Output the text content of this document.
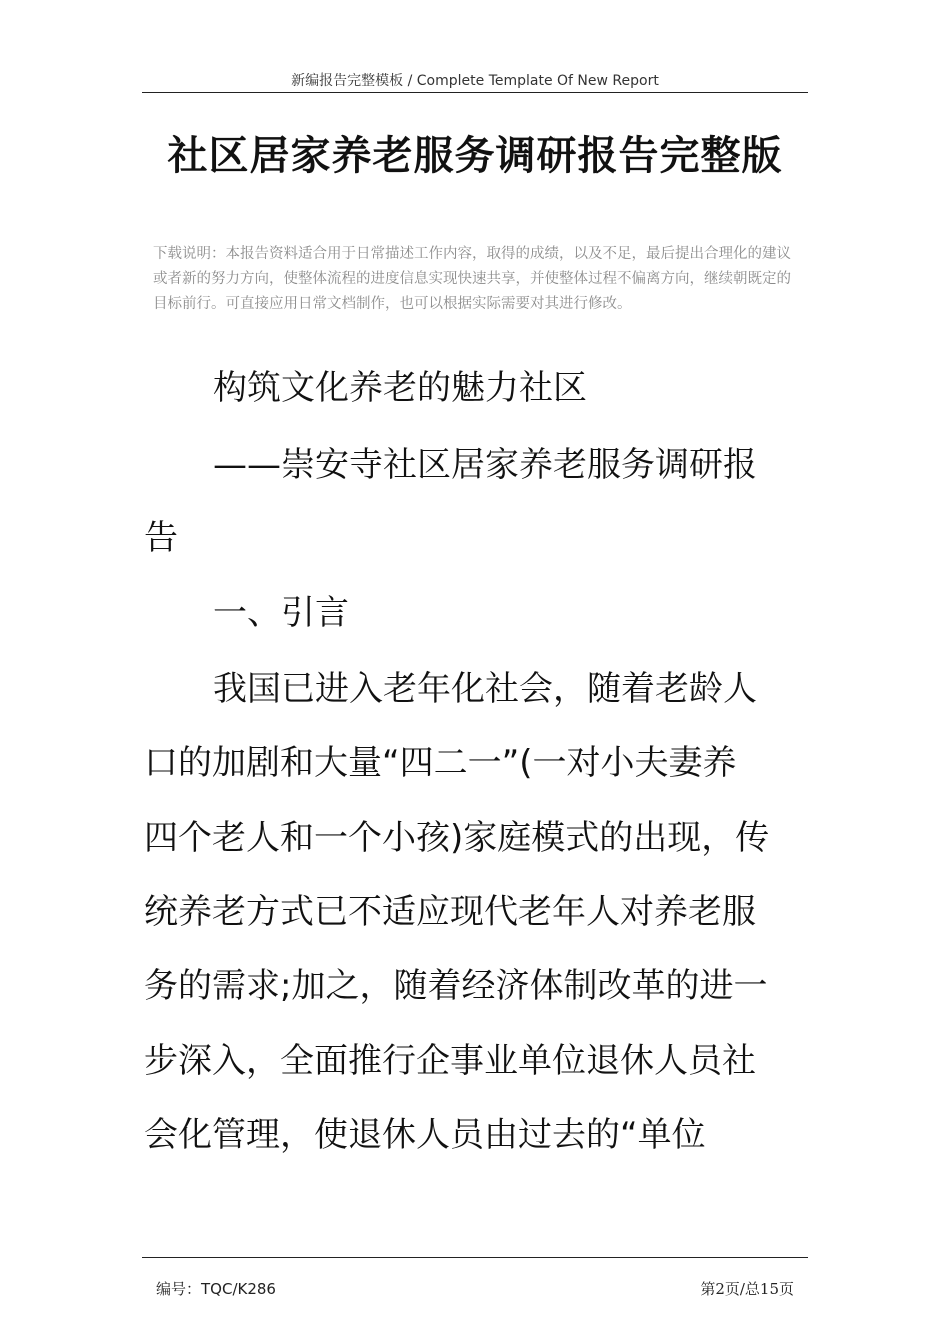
新编报告完整模板 / Complete Template Of New Report
社区居家养老服务调研报告完整版
下载说明：本报告资料适合用于日常描述工作内容，取得的成绩，以及不足，最后提出合理化的建议或者新的努力方向，使整体流程的进度信息实现快速共享，并使整体过程不偏离方向，继续朝既定的目标前行。可直接应用日常文档制作，也可以根据实际需要对其进行修改。
构筑文化养老的魅力社区
——崇安寺社区居家养老服务调研报
告
一、引言
我国已进入老年化社会，随着老龄人
口的加剧和大量“四二一”(一对小夫妻养
四个老人和一个小孩)家庭模式的出现，传
统养老方式已不适应现代老年人对养老服
务的需求;加之，随着经济体制改革的进一
步深入，全面推行企事业单位退休人员社
会化管理，使退休人员由过去的“单位
编号：TQC/K286	第2页/总15页
